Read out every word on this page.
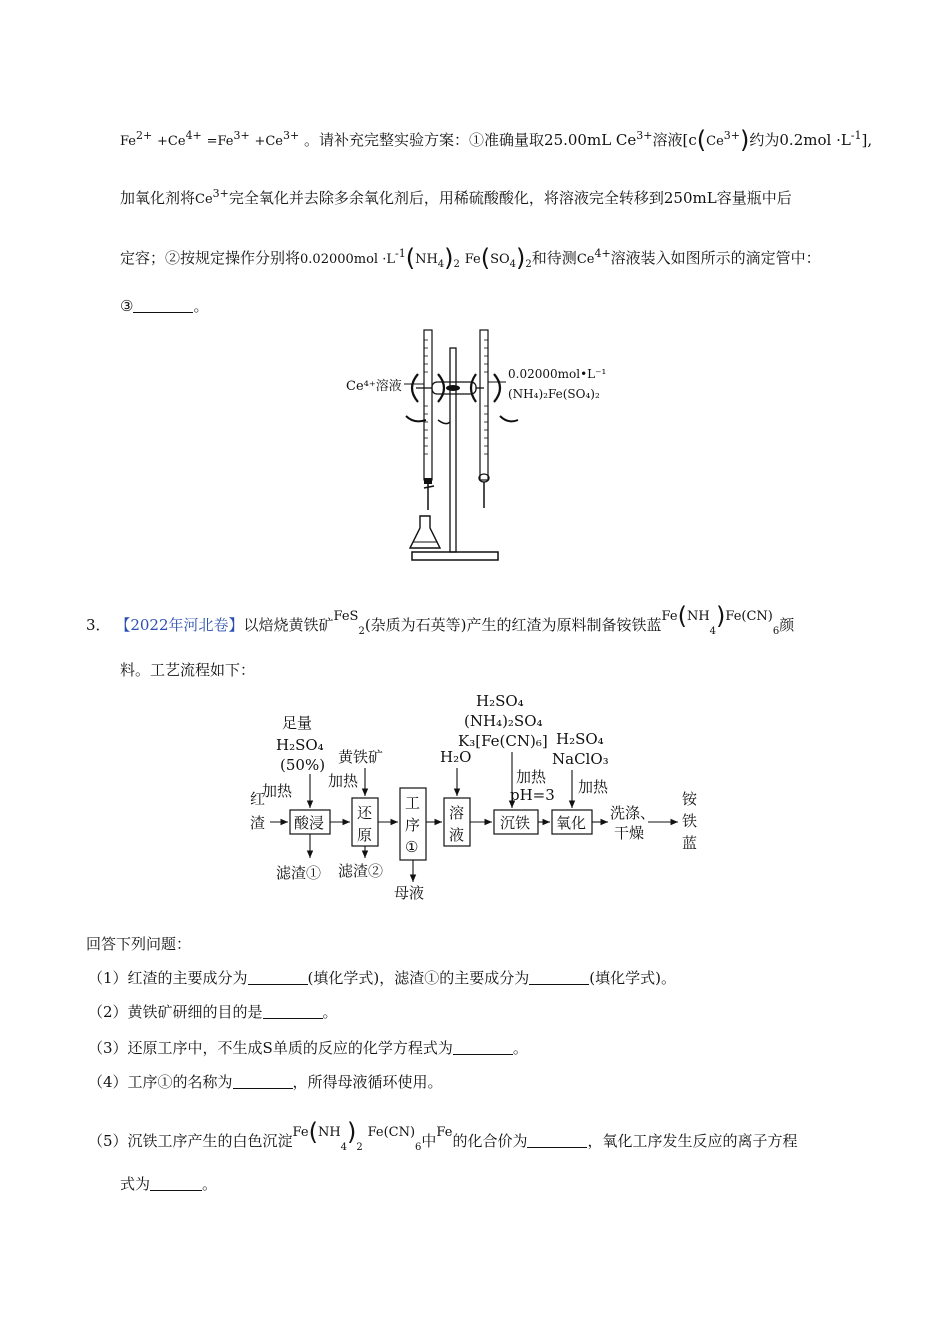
$Fe^{2+} +Ce^{4+} =Fe^{3+} +Ce^{3+}$ 。请补充完整实验方案：①准确量取25.00mL $Ce^{3+}$溶液[$c(Ce^{3+})$约为$0.2mol \cdot L^{-1}$],
加氧化剂将$Ce^{3+}$完全氧化并去除多余氧化剂后，用稀硫酸酸化，将溶液完全转移到250mL容量瓶中后
定容；②按规定操作分别将$0.02000mol \cdot L^{-1}(NH_4)_2$ $Fe(SO_4)_2$和待测$Ce^{4+}$溶液装入如图所示的滴定管中：
③	。
Ce⁴⁺溶液
0.02000mol•L⁻¹
(NH₄)₂Fe(SO₄)₂
3． 【2022年河北卷】以焙烧黄铁矿FeS$_2$(杂质为石英等)产生的红渣为原料制备铵铁蓝$Fe(NH_4)Fe(CN)_6$颜
料。工艺流程如下：
足量
H₂SO₄
(50%)
加热
黄铁矿
加热
H₂O
H₂SO₄
(NH₄)₂SO₄
K₃[Fe(CN)₆]
加热
pH=3
H₂SO₄
NaClO₃
加热
红
渣 酸浸
还
原
工
序
①
溶
液
沉铁 氧化
洗涤、
干燥
铵
铁
蓝
滤渣① 滤渣②
母液
回答下列问题：
（1）红渣的主要成分为	(填化学式)，滤渣①的主要成分为	(填化学式)。
（2）黄铁矿研细的目的是	。
（3）还原工序中，不生成S单质的反应的化学方程式为	。
（4）工序①的名称为	，所得母液循环使用。
（5）沉铁工序产生的白色沉淀$Fe(NH_4)_2$ $Fe(CN)_6$中Fe的化合价为	，氧化工序发生反应的离子方程
式为	。
